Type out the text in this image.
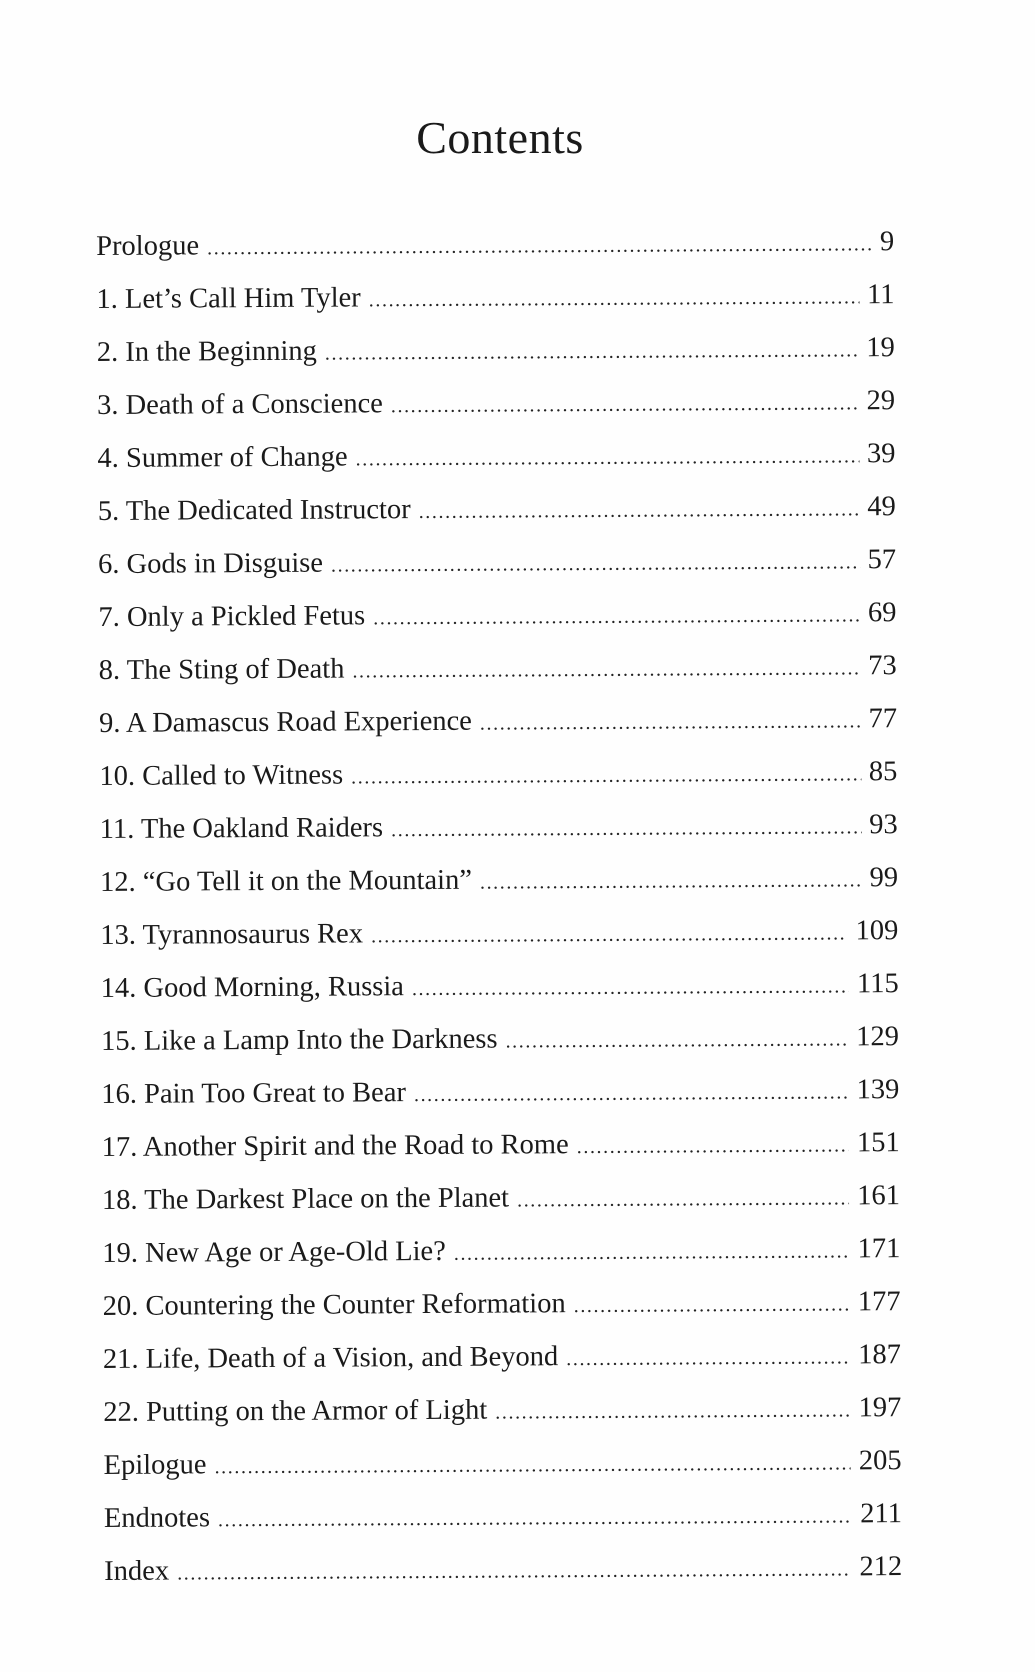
Contents
Prologue .....	9
1. Let’s Call Him Tyler .....	11
2. In the Beginning .....	19
3. Death of a Conscience .....	29
4. Summer of Change .....	39
5. The Dedicated Instructor .....	49
6. Gods in Disguise .....	57
7. Only a Pickled Fetus .....	69
8. The Sting of Death .....	73
9. A Damascus Road Experience .....	77
10. Called to Witness .....	85
11. The Oakland Raiders .....	93
12. “Go Tell it on the Mountain” .....	99
13. Tyrannosaurus Rex .....	109
14. Good Morning, Russia .....	115
15. Like a Lamp Into the Darkness .....	129
16. Pain Too Great to Bear .....	139
17. Another Spirit and the Road to Rome .....	151
18. The Darkest Place on the Planet .....	161
19. New Age or Age-Old Lie? .....	171
20. Countering the Counter Reformation .....	177
21. Life, Death of a Vision, and Beyond .....	187
22. Putting on the Armor of Light .....	197
Epilogue .....	205
Endnotes .....	211
Index .....	212
